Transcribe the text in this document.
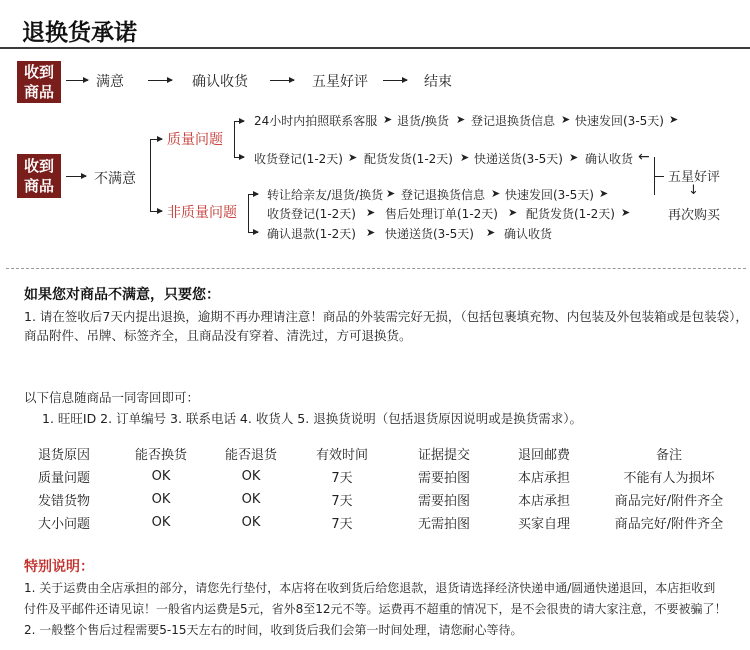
退换货承诺
收到
商品
满意	确认收货	五星好评	结束
收到
商品	不满意
质量问题
非质量问题
24小时内拍照联系客服 ➤ 退货/换货 ➤ 登记退换货信息 ➤ 快速发回(3-5天) ➤
收货登记(1-2天) ➤ 配货发货(1-2天) ➤ 快递送货(3-5天) ➤ 确认收货 ←
五星好评
↓
再次购买
转让给亲友/退货/换货 ➤ 登记退换货信息 ➤ 快速发回(3-5天) ➤
收货登记(1-2天) ➤ 售后处理订单(1-2天) ➤ 配货发货(1-2天) ➤
确认退款(1-2天) ➤ 快递送货(3-5天) ➤ 确认收货
如果您对商品不满意，只要您：
1. 请在签收后7天内提出退换，逾期不再办理请注意！商品的外装需完好无损，（包括包裹填充物、内包装及外包装箱或是包装袋），
商品附件、吊牌、标签齐全，且商品没有穿着、清洗过，方可退换货。
以下信息随商品一同寄回即可：
1. 旺旺ID 2. 订单编号 3. 联系电话 4. 收货人 5. 退换货说明（包括退货原因说明或是换货需求）。
退货原因	能否换货	能否退货	有效时间	证据提交	退回邮费	备注
质量问题	OK	OK	7天	需要拍图	本店承担	不能有人为损坏
发错货物	OK	OK	7天	需要拍图	本店承担	商品完好/附件齐全
大小问题	OK	OK	7天	无需拍图	买家自理	商品完好/附件齐全
特别说明：
1. 关于运费由全店承担的部分，请您先行垫付，本店将在收到货后给您退款，退货请选择经济快递申通/圆通快递退回，本店拒收到
付件及平邮件还请见谅！一般省内运费是5元，省外8至12元不等。运费再不超重的情况下，是不会很贵的请大家注意，不要被骗了！
2. 一般整个售后过程需要5-15天左右的时间，收到货后我们会第一时间处理，请您耐心等待。
